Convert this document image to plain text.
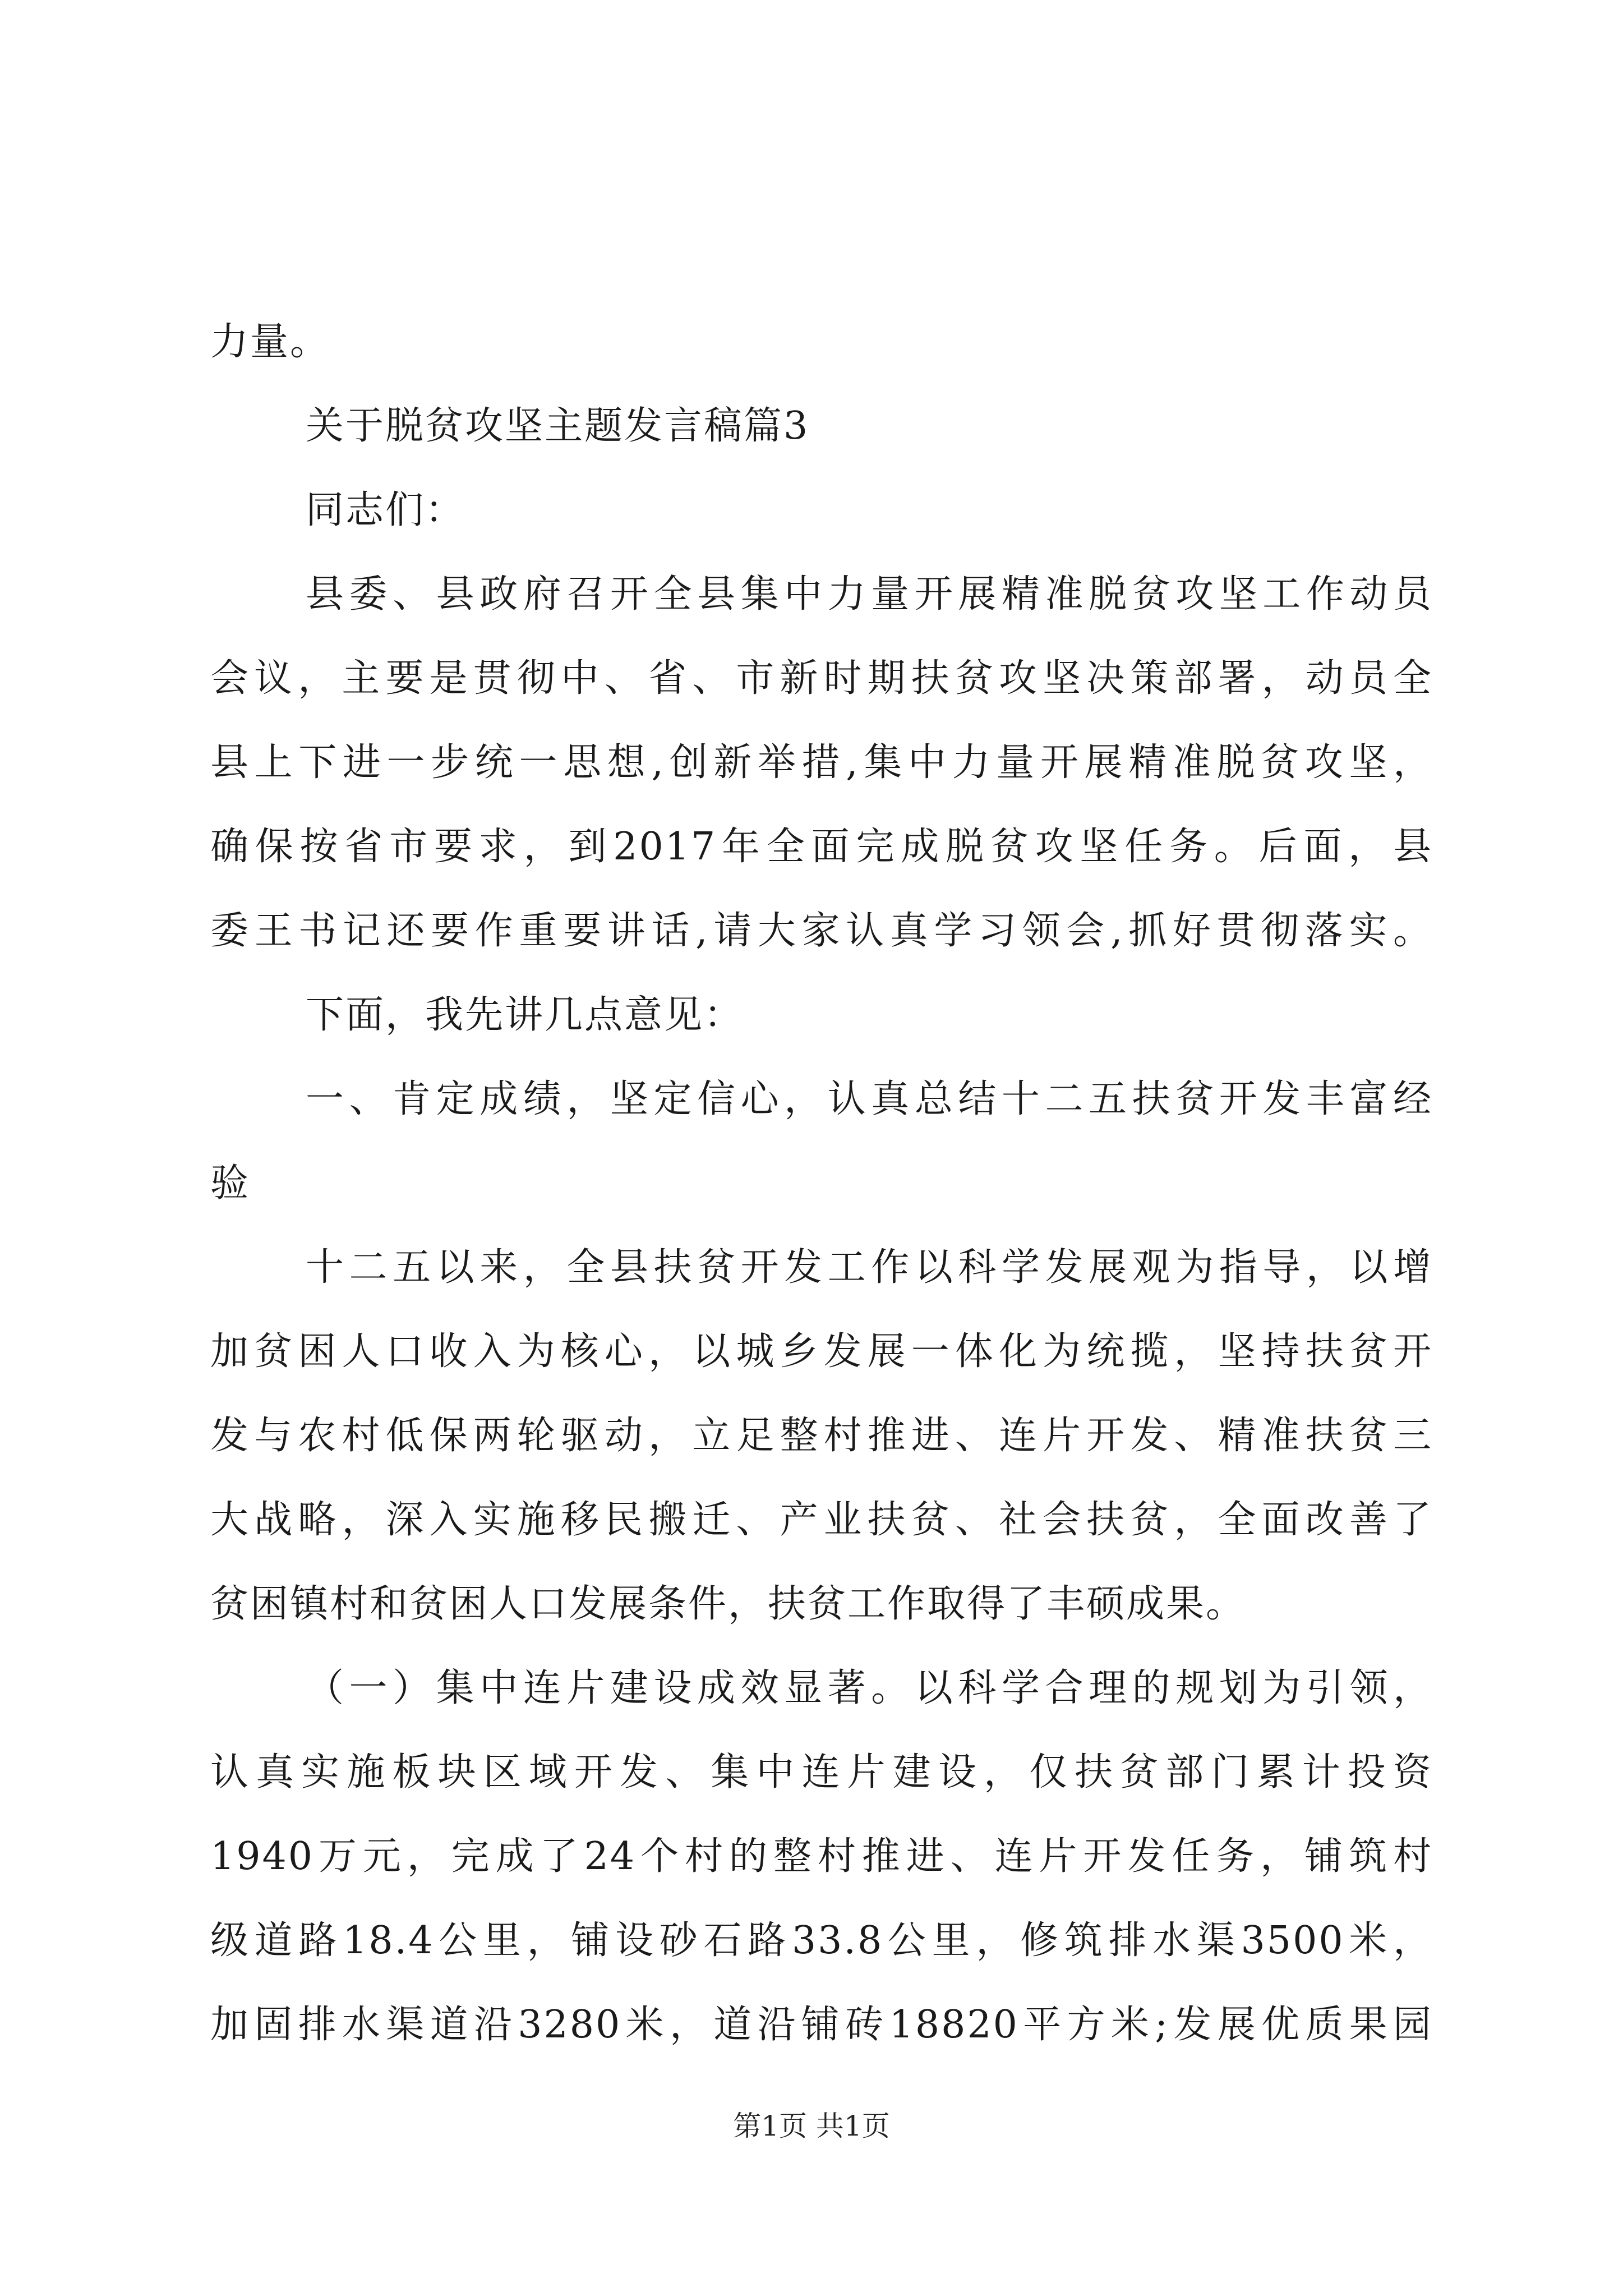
力量。
关于脱贫攻坚主题发言稿篇3
同志们：
县委、县政府召开全县集中力量开展精准脱贫攻坚工作动员
会议，主要是贯彻中、省、市新时期扶贫攻坚决策部署，动员全
县上下进一步统一思想,创新举措,集中力量开展精准脱贫攻坚，
确保按省市要求，到2017年全面完成脱贫攻坚任务。后面，县
委王书记还要作重要讲话,请大家认真学习领会,抓好贯彻落实。
下面，我先讲几点意见：
一、肯定成绩，坚定信心，认真总结十二五扶贫开发丰富经
验
十二五以来，全县扶贫开发工作以科学发展观为指导，以增
加贫困人口收入为核心，以城乡发展一体化为统揽，坚持扶贫开
发与农村低保两轮驱动，立足整村推进、连片开发、精准扶贫三
大战略，深入实施移民搬迁、产业扶贫、社会扶贫，全面改善了
贫困镇村和贫困人口发展条件，扶贫工作取得了丰硕成果。
（一）集中连片建设成效显著。以科学合理的规划为引领，
认真实施板块区域开发、集中连片建设，仅扶贫部门累计投资
1940万元，完成了24个村的整村推进、连片开发任务，铺筑村
级道路18.4公里，铺设砂石路33.8公里，修筑排水渠3500米，
加固排水渠道沿3280米，道沿铺砖18820平方米;发展优质果园
第1页 共1页
